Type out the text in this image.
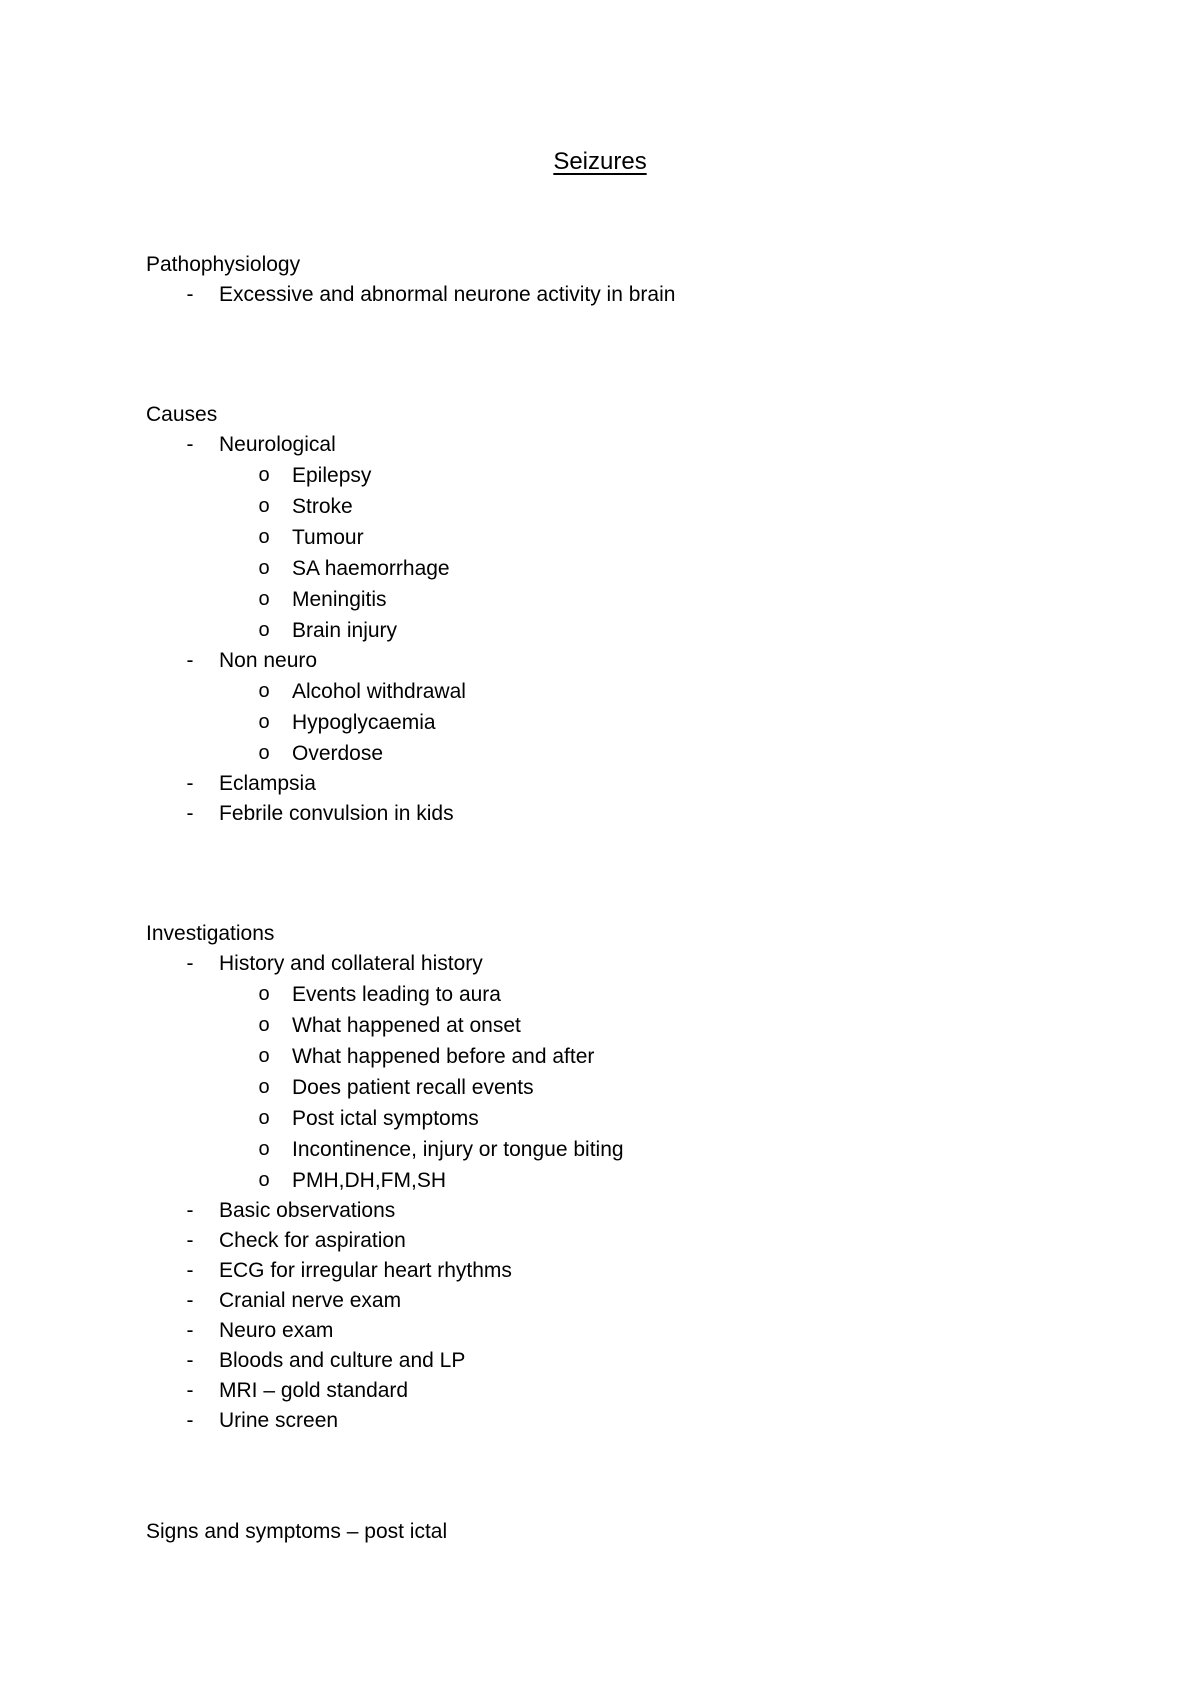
Seizures
Pathophysiology
- Excessive and abnormal neurone activity in brain
Causes
- Neurological
o Epilepsy
o Stroke
o Tumour
o SA haemorrhage
o Meningitis
o Brain injury
- Non neuro
o Alcohol withdrawal
o Hypoglycaemia
o Overdose
- Eclampsia
- Febrile convulsion in kids
Investigations
- History and collateral history
o Events leading to aura
o What happened at onset
o What happened before and after
o Does patient recall events
o Post ictal symptoms
o Incontinence, injury or tongue biting
o PMH,DH,FM,SH
- Basic observations
- Check for aspiration
- ECG for irregular heart rhythms
- Cranial nerve exam
- Neuro exam
- Bloods and culture and LP
- MRI – gold standard
- Urine screen
Signs and symptoms – post ictal
